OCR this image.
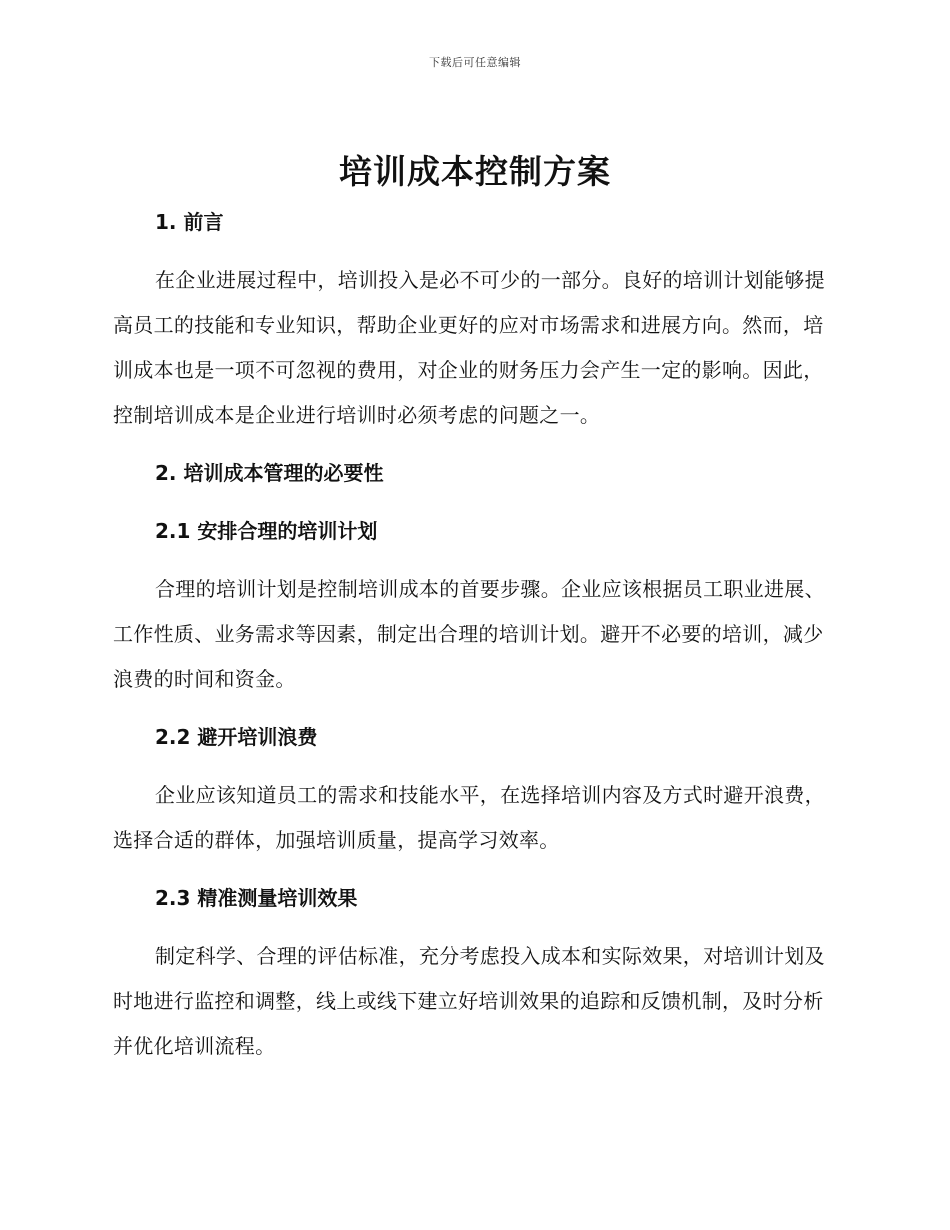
下载后可任意编辑
培训成本控制方案
1. 前言

在企业进展过程中，培训投入是必不可少的一部分。良好的培训计划能够提高员工的技能和专业知识，帮助企业更好的应对市场需求和进展方向。然而，培训成本也是一项不可忽视的费用，对企业的财务压力会产生一定的影响。因此，控制培训成本是企业进行培训时必须考虑的问题之一。

2. 培训成本管理的必要性
2.1 安排合理的培训计划

合理的培训计划是控制培训成本的首要步骤。企业应该根据员工职业进展、工作性质、业务需求等因素，制定出合理的培训计划。避开不必要的培训，减少浪费的时间和资金。

2.2 避开培训浪费

企业应该知道员工的需求和技能水平，在选择培训内容及方式时避开浪费，选择合适的群体，加强培训质量，提高学习效率。

2.3 精准测量培训效果

制定科学、合理的评估标准，充分考虑投入成本和实际效果，对培训计划及时地进行监控和调整，线上或线下建立好培训效果的追踪和反馈机制，及时分析并优化培训流程。
